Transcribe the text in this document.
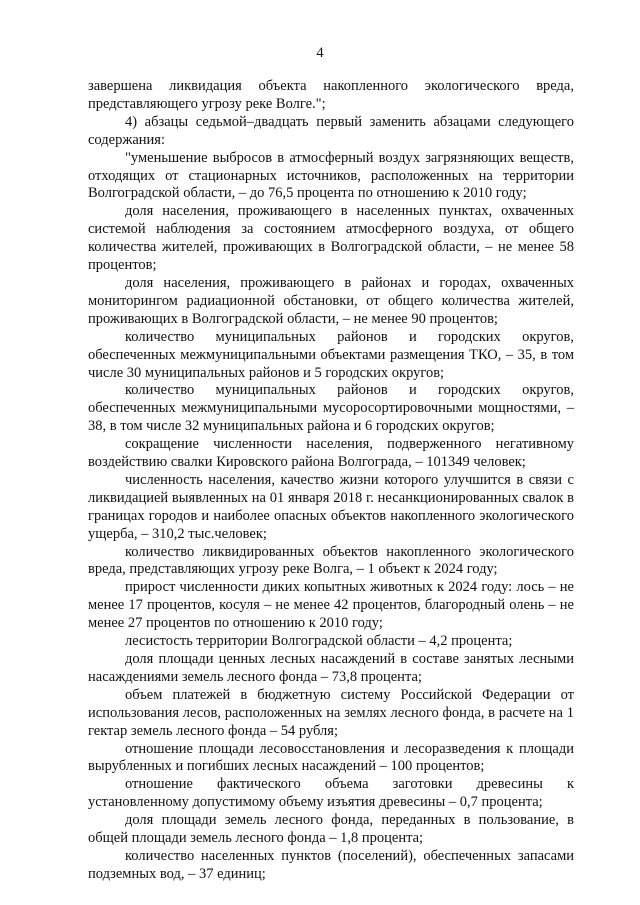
4

завершена ликвидация объекта накопленного экологического вреда, представляющего угрозу реке Волге.";

4) абзацы седьмой–двадцать первый заменить абзацами следующего содержания:

"уменьшение выбросов в атмосферный воздух загрязняющих веществ, отходящих от стационарных источников, расположенных на территории Волгоградской области, – до 76,5 процента по отношению к 2010 году;

доля населения, проживающего в населенных пунктах, охваченных системой наблюдения за состоянием атмосферного воздуха, от общего количества жителей, проживающих в Волгоградской области, – не менее 58 процентов;

доля населения, проживающего в районах и городах, охваченных мониторингом радиационной обстановки, от общего количества жителей, проживающих в Волгоградской области, – не менее 90 процентов;

количество муниципальных районов и городских округов, обеспеченных межмуниципальными объектами размещения ТКО, – 35, в том числе 30 муниципальных районов и 5 городских округов;

количество муниципальных районов и городских округов, обеспеченных межмуниципальными мусоросортировочными мощностями, – 38, в том числе 32 муниципальных района и 6 городских округов;

сокращение численности населения, подверженного негативному воздействию свалки Кировского района Волгограда, – 101349 человек;

численность населения, качество жизни которого улучшится в связи с ликвидацией выявленных на 01 января 2018 г. несанкционированных свалок в границах городов и наиболее опасных объектов накопленного экологического ущерба, – 310,2 тыс.человек;

количество ликвидированных объектов накопленного экологического вреда, представляющих угрозу реке Волга, – 1 объект к 2024 году;

прирост численности диких копытных животных к 2024 году: лось – не менее 17 процентов, косуля – не менее 42 процентов, благородный олень – не менее 27 процентов по отношению к 2010 году;

лесистость территории Волгоградской области – 4,2 процента;

доля площади ценных лесных насаждений в составе занятых лесными насаждениями земель лесного фонда – 73,8 процента;

объем платежей в бюджетную систему Российской Федерации от использования лесов, расположенных на землях лесного фонда, в расчете на 1 гектар земель лесного фонда – 54 рубля;

отношение площади лесовосстановления и лесоразведения к площади вырубленных и погибших лесных насаждений – 100 процентов;

отношение фактического объема заготовки древесины к установленному допустимому объему изъятия древесины – 0,7 процента;

доля площади земель лесного фонда, переданных в пользование, в общей площади земель лесного фонда – 1,8 процента;

количество населенных пунктов (поселений), обеспеченных запасами подземных вод, – 37 единиц;
